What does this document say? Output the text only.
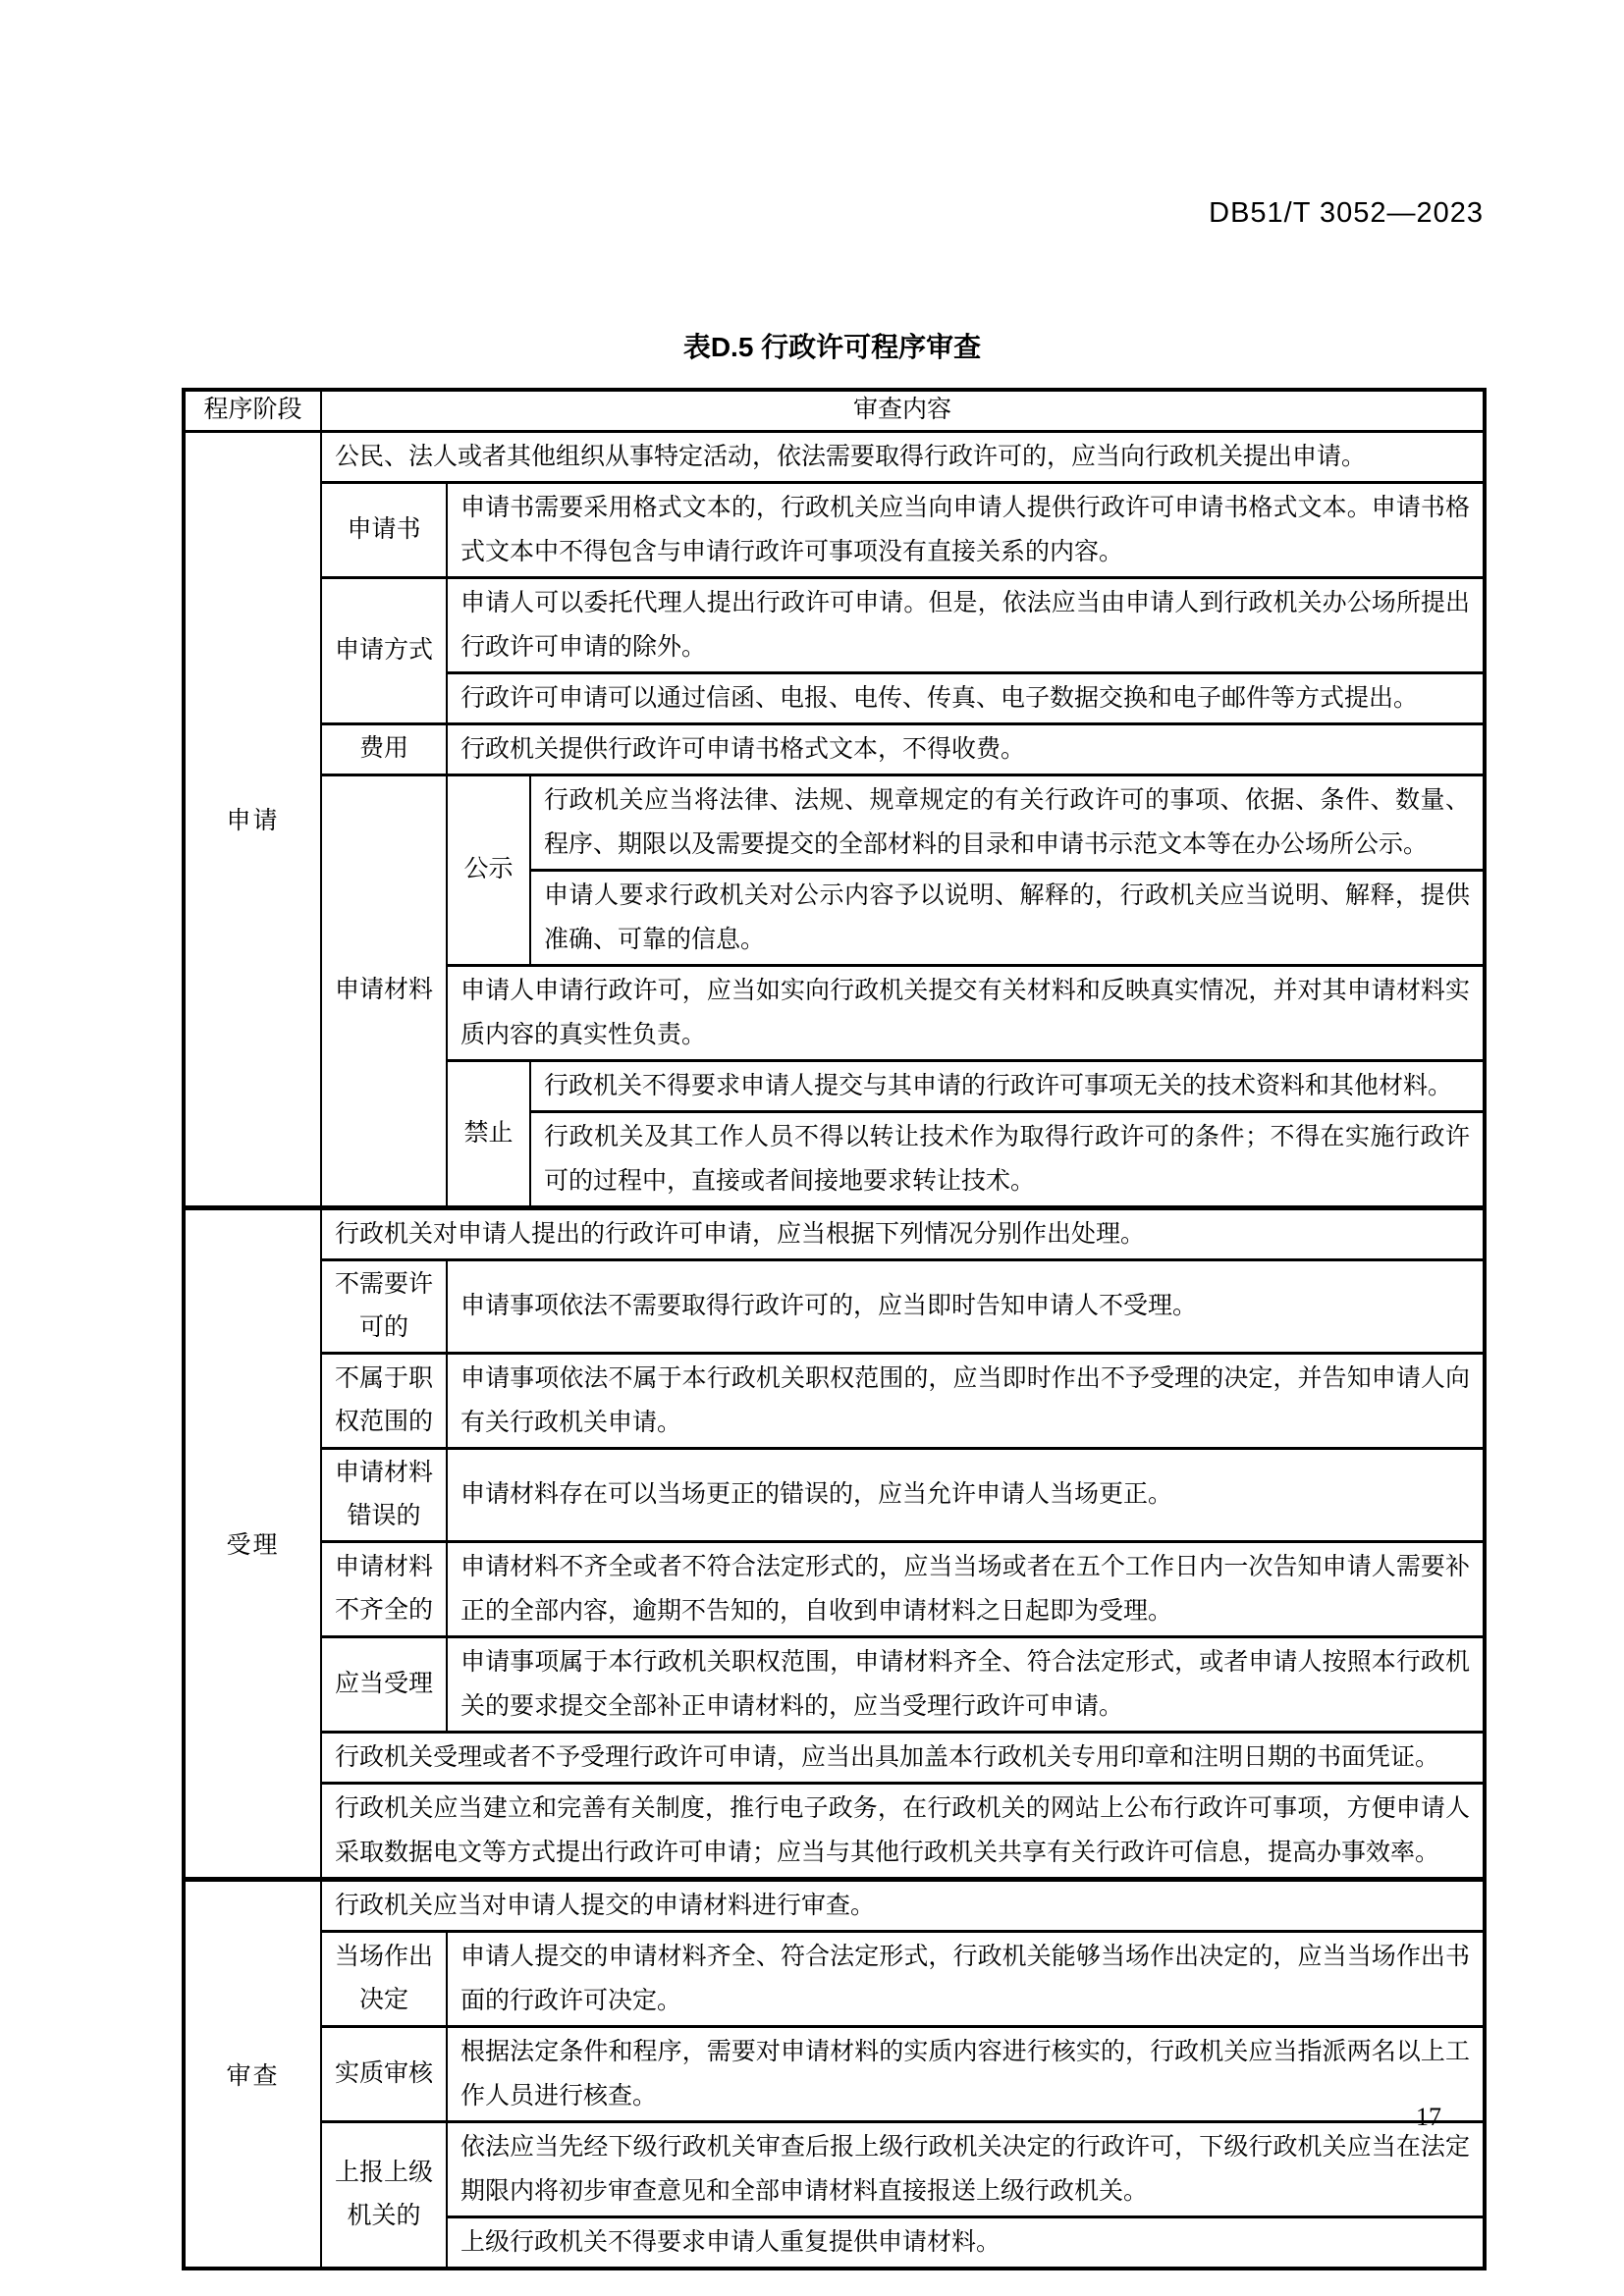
DB51/T 3052—2023
表D.5 行政许可程序审查
程序阶段	审查内容		
申请	公民、法人或者其他组织从事特定活动，依法需要取得行政许可的，应当向行政机关提出申请。		
	申请书	申请书需要采用格式文本的，行政机关应当向申请人提供行政许可申请书格式文本。申请书格式文本中不得包含与申请行政许可事项没有直接关系的内容。	
	申请方式	申请人可以委托代理人提出行政许可申请。但是，依法应当由申请人到行政机关办公场所提出行政许可申请的除外。	
		行政许可申请可以通过信函、电报、电传、传真、电子数据交换和电子邮件等方式提出。	
	费用	行政机关提供行政许可申请书格式文本，不得收费。	
	申请材料	公示	行政机关应当将法律、法规、规章规定的有关行政许可的事项、依据、条件、数量、程序、期限以及需要提交的全部材料的目录和申请书示范文本等在办公场所公示。
			申请人要求行政机关对公示内容予以说明、解释的，行政机关应当说明、解释，提供准确、可靠的信息。
		申请人申请行政许可，应当如实向行政机关提交有关材料和反映真实情况，并对其申请材料实质内容的真实性负责。	
		禁止	行政机关不得要求申请人提交与其申请的行政许可事项无关的技术资料和其他材料。
			行政机关及其工作人员不得以转让技术作为取得行政许可的条件；不得在实施行政许可的过程中，直接或者间接地要求转让技术。
受理	行政机关对申请人提出的行政许可申请，应当根据下列情况分别作出处理。		
	不需要许可的	申请事项依法不需要取得行政许可的，应当即时告知申请人不受理。	
	不属于职权范围的	申请事项依法不属于本行政机关职权范围的，应当即时作出不予受理的决定，并告知申请人向有关行政机关申请。	
	申请材料错误的	申请材料存在可以当场更正的错误的，应当允许申请人当场更正。	
	申请材料不齐全的	申请材料不齐全或者不符合法定形式的，应当当场或者在五个工作日内一次告知申请人需要补正的全部内容，逾期不告知的，自收到申请材料之日起即为受理。	
	应当受理	申请事项属于本行政机关职权范围，申请材料齐全、符合法定形式，或者申请人按照本行政机关的要求提交全部补正申请材料的，应当受理行政许可申请。	
	行政机关受理或者不予受理行政许可申请，应当出具加盖本行政机关专用印章和注明日期的书面凭证。		
	行政机关应当建立和完善有关制度，推行电子政务，在行政机关的网站上公布行政许可事项，方便申请人采取数据电文等方式提出行政许可申请；应当与其他行政机关共享有关行政许可信息，提高办事效率。		
审查	行政机关应当对申请人提交的申请材料进行审查。		
	当场作出决定	申请人提交的申请材料齐全、符合法定形式，行政机关能够当场作出决定的，应当当场作出书面的行政许可决定。	
	实质审核	根据法定条件和程序，需要对申请材料的实质内容进行核实的，行政机关应当指派两名以上工作人员进行核查。	
	上报上级机关的	依法应当先经下级行政机关审查后报上级行政机关决定的行政许可，下级行政机关应当在法定期限内将初步审查意见和全部申请材料直接报送上级行政机关。	
		上级行政机关不得要求申请人重复提供申请材料。	
17
